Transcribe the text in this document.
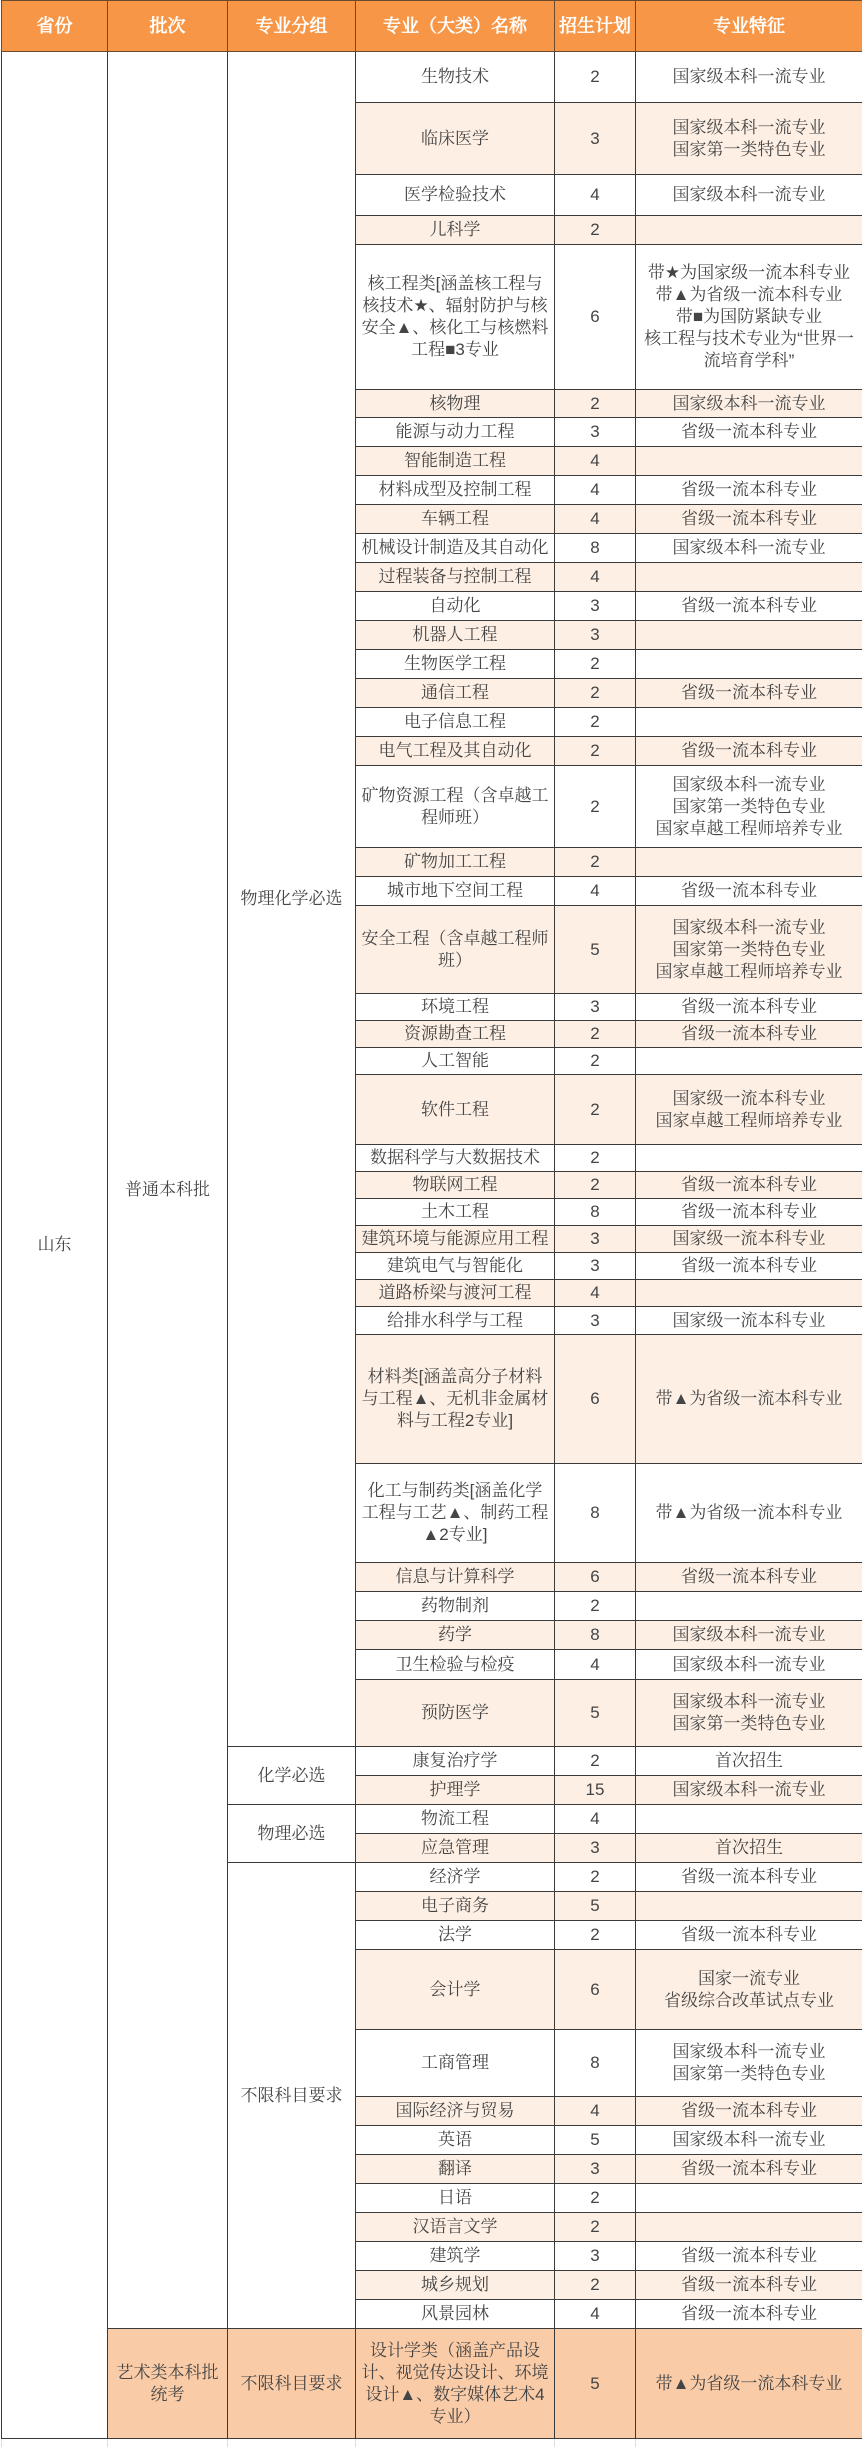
省份	批次	专业分组	专业（大类）名称	招生计划	专业特征
山东	普通本科批	物理化学必选	生物技术	2	国家级本科一流专业

			临床医学	3	国家级本科一流专业
国家第一类特色专业

			医学检验技术	4	国家级本科一流专业

			儿科学	2	

			核工程类[涵盖核工程与核技术★、辐射防护与核安全▲、核化工与核燃料工程■3专业	6	带★为国家级一流本科专业
带▲为省级一流本科专业
带■为国防紧缺专业
核工程与技术专业为“世界一流培育学科”

			核物理	2	国家级本科一流专业

			能源与动力工程	3	省级一流本科专业

			智能制造工程	4	

			材料成型及控制工程	4	省级一流本科专业

			车辆工程	4	省级一流本科专业

			机械设计制造及其自动化	8	国家级本科一流专业

			过程装备与控制工程	4	

			自动化	3	省级一流本科专业

			机器人工程	3	

			生物医学工程	2	

			通信工程	2	省级一流本科专业

			电子信息工程	2	

			电气工程及其自动化	2	省级一流本科专业

			矿物资源工程（含卓越工程师班）	2	国家级本科一流专业
国家第一类特色专业
国家卓越工程师培养专业

			矿物加工工程	2	

			城市地下空间工程	4	省级一流本科专业

			安全工程（含卓越工程师班）	5	国家级本科一流专业
国家第一类特色专业
国家卓越工程师培养专业

			环境工程	3	省级一流本科专业

			资源勘查工程	2	省级一流本科专业

			人工智能	2	

			软件工程	2	国家级一流本科专业
国家卓越工程师培养专业

			数据科学与大数据技术	2	

			物联网工程	2	省级一流本科专业

			土木工程	8	省级一流本科专业

			建筑环境与能源应用工程	3	国家级一流本科专业

			建筑电气与智能化	3	省级一流本科专业

			道路桥梁与渡河工程	4	

			给排水科学与工程	3	国家级一流本科专业

			材料类[涵盖高分子材料与工程▲、无机非金属材料与工程2专业]	6	带▲为省级一流本科专业

			化工与制药类[涵盖化学工程与工艺▲、制药工程▲2专业]	8	带▲为省级一流本科专业

			信息与计算科学	6	省级一流本科专业

			药物制剂	2	

			药学	8	国家级本科一流专业

			卫生检验与检疫	4	国家级本科一流专业

			预防医学	5	国家级本科一流专业
国家第一类特色专业
		化学必选	康复治疗学	2	首次招生

			护理学	15	国家级本科一流专业
		物理必选	物流工程	4	

			应急管理	3	首次招生
		不限科目要求	经济学	2	省级一流本科专业

			电子商务	5	

			法学	2	省级一流本科专业

			会计学	6	国家一流专业
省级综合改革试点专业

			工商管理	8	国家级本科一流专业
国家第一类特色专业

			国际经济与贸易	4	省级一流本科专业

			英语	5	国家级本科一流专业

			翻译	3	省级一流本科专业

			日语	2	

			汉语言文学	2	

			建筑学	3	省级一流本科专业

			城乡规划	2	省级一流本科专业

			风景园林	4	省级一流本科专业
	艺术类本科批统考	不限科目要求	设计学类（涵盖产品设计、视觉传达设计、环境设计▲、数字媒体艺术4专业）	5	带▲为省级一流本科专业
